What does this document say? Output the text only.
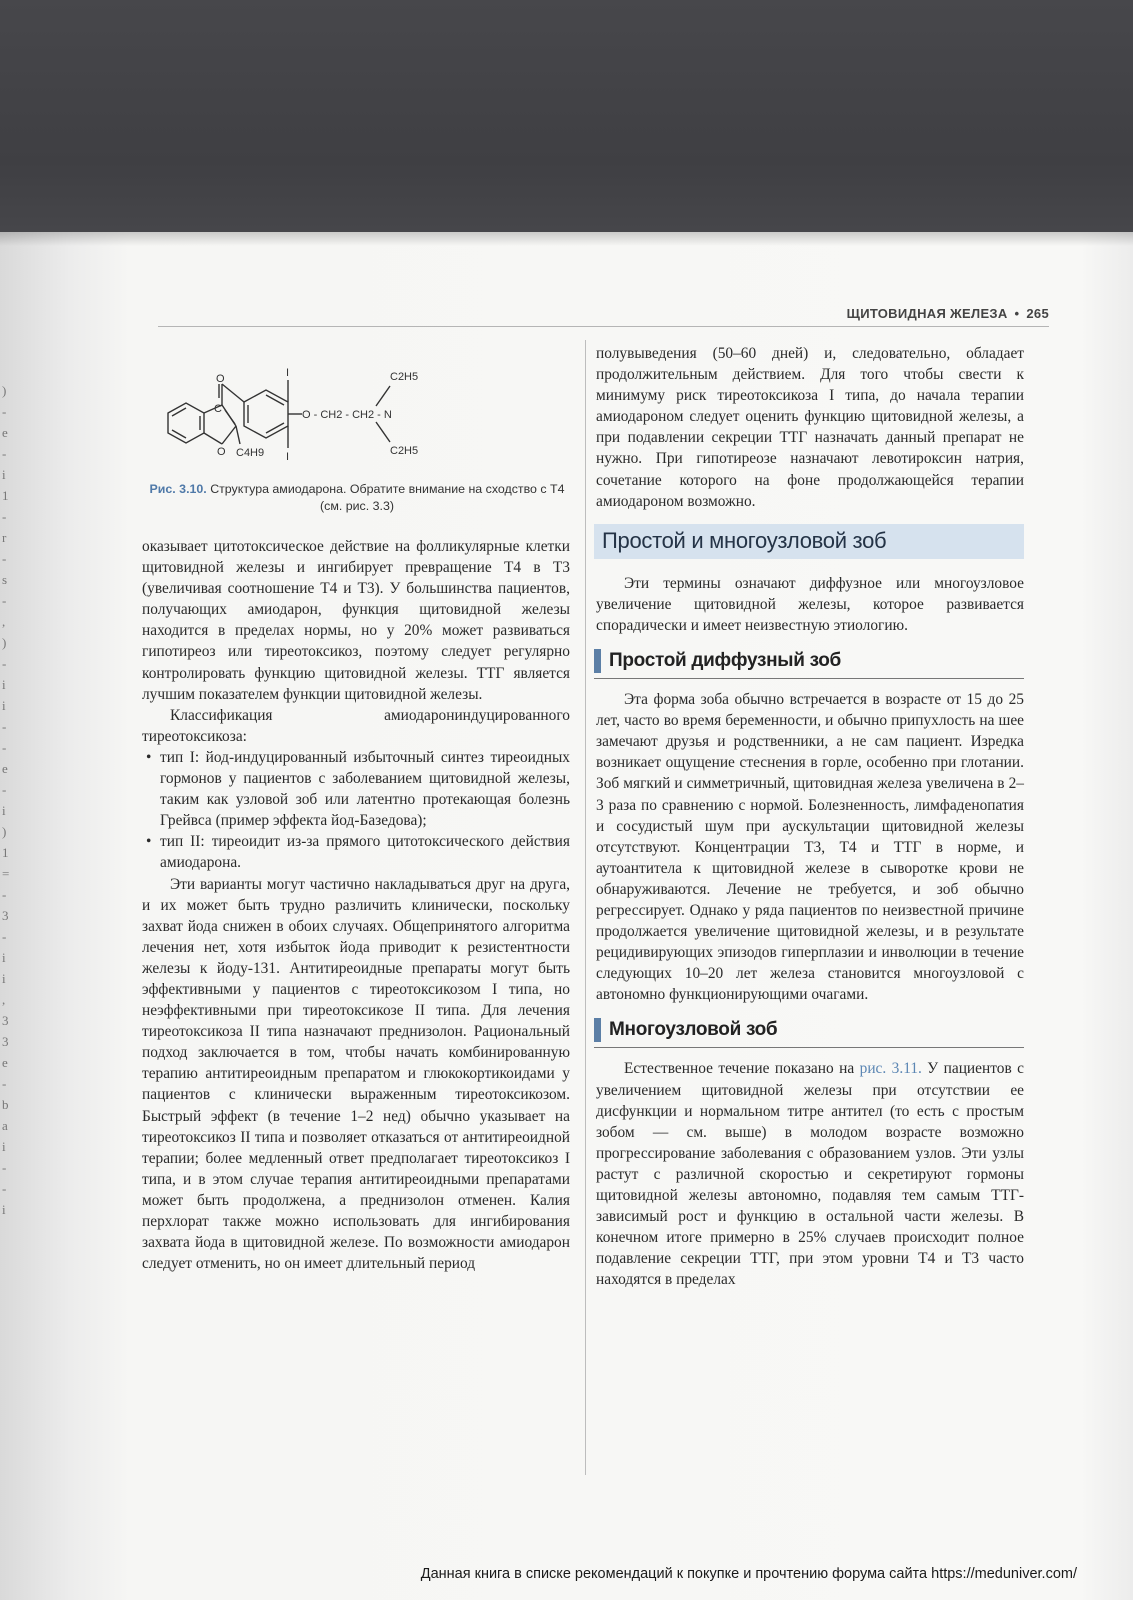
)
-
e
-
i
1
-
r
-
s
-
,
)
-
i
i
-
-
e
-
i
)
1
=
-
3
-
i
i
,
3
3
e
-
b
a
i
-
-
i
ЩИТОВИДНАЯ ЖЕЛЕЗА • 265
O
C
O C4H9
I
I
O - CH2 - CH2 - N
C2H5
C2H5
Рис. 3.10. Структура амиодарона. Обратите внимание на сходство с Т4 (см. рис. 3.3)

оказывает цитотоксическое действие на фолликулярные клетки щитовидной железы и ингибирует превращение Т4 в Т3 (увеличивая соотношение Т4 и Т3). У большинства пациентов, получающих амиодарон, функция щитовидной железы находится в пределах нормы, но у 20% может развиваться гипотиреоз или тиреотоксикоз, поэтому следует регулярно контролировать функцию щитовидной железы. ТТГ является лучшим показателем функции щитовидной железы.

Классификация амиодарониндуцированного тиреотоксикоза:

• тип I: йод-индуцированный избыточный синтез тиреоидных гормонов у пациентов с заболеванием щитовидной железы, таким как узловой зоб или латентно протекающая болезнь Грейвса (пример эффекта йод-Базедова);
• тип II: тиреоидит из-за прямого цитотоксического действия амиодарона.

Эти варианты могут частично накладываться друг на друга, и их может быть трудно различить клинически, поскольку захват йода снижен в обоих случаях. Общепринятого алгоритма лечения нет, хотя избыток йода приводит к резистентности железы к йоду-131. Антитиреоидные препараты могут быть эффективными у пациентов с тиреотоксикозом I типа, но неэффективными при тиреотоксикозе II типа. Для лечения тиреотоксикоза II типа назначают преднизолон. Рациональный подход заключается в том, чтобы начать комбинированную терапию антитиреоидным препаратом и глюкокортикоидами у пациентов с клинически выраженным тиреотоксикозом. Быстрый эффект (в течение 1–2 нед) обычно указывает на тиреотоксикоз II типа и позволяет отказаться от антитиреоидной терапии; более медленный ответ предполагает тиреотоксикоз I типа, и в этом случае терапия антитиреоидными препаратами может быть продолжена, а преднизолон отменен. Калия перхлорат также можно использовать для ингибирования захвата йода в щитовидной железе. По возможности амиодарон следует отменить, но он имеет длительный период

полувыведения (50–60 дней) и, следовательно, обладает продолжительным действием. Для того чтобы свести к минимуму риск тиреотоксикоза I типа, до начала терапии амиодароном следует оценить функцию щитовидной железы, а при подавлении секреции ТТГ назначать данный препарат не нужно. При гипотиреозе назначают левотироксин натрия, сочетание которого на фоне продолжающейся терапии амиодароном возможно.

Простой и многоузловой зоб

Эти термины означают диффузное или многоузловое увеличение щитовидной железы, которое развивается спорадически и имеет неизвестную этиологию.

Простой диффузный зоб

Эта форма зоба обычно встречается в возрасте от 15 до 25 лет, часто во время беременности, и обычно припухлость на шее замечают друзья и родственники, а не сам пациент. Изредка возникает ощущение стеснения в горле, особенно при глотании. Зоб мягкий и симметричный, щитовидная железа увеличена в 2–3 раза по сравнению с нормой. Болезненность, лимфаденопатия и сосудистый шум при аускультации щитовидной железы отсутствуют. Концентрации Т3, Т4 и ТТГ в норме, и аутоантитела к щитовидной железе в сыворотке крови не обнаруживаются. Лечение не требуется, и зоб обычно регрессирует. Однако у ряда пациентов по неизвестной причине продолжается увеличение щитовидной железы, и в результате рецидивирующих эпизодов гиперплазии и инволюции в течение следующих 10–20 лет железа становится многоузловой с автономно функционирующими очагами.

Многоузловой зоб

Естественное течение показано на рис. 3.11. У пациентов с увеличением щитовидной железы при отсутствии ее дисфункции и нормальном титре антител (то есть с простым зобом — см. выше) в молодом возрасте возможно прогрессирование заболевания с образованием узлов. Эти узлы растут с различной скоростью и секретируют гормоны щитовидной железы автономно, подавляя тем самым ТТГ-зависимый рост и функцию в остальной части железы. В конечном итоге примерно в 25% случаев происходит полное подавление секреции ТТГ, при этом уровни Т4 и Т3 часто находятся в пределах

Данная книга в списке рекомендаций к покупке и прочтению форума сайта https://meduniver.com/
